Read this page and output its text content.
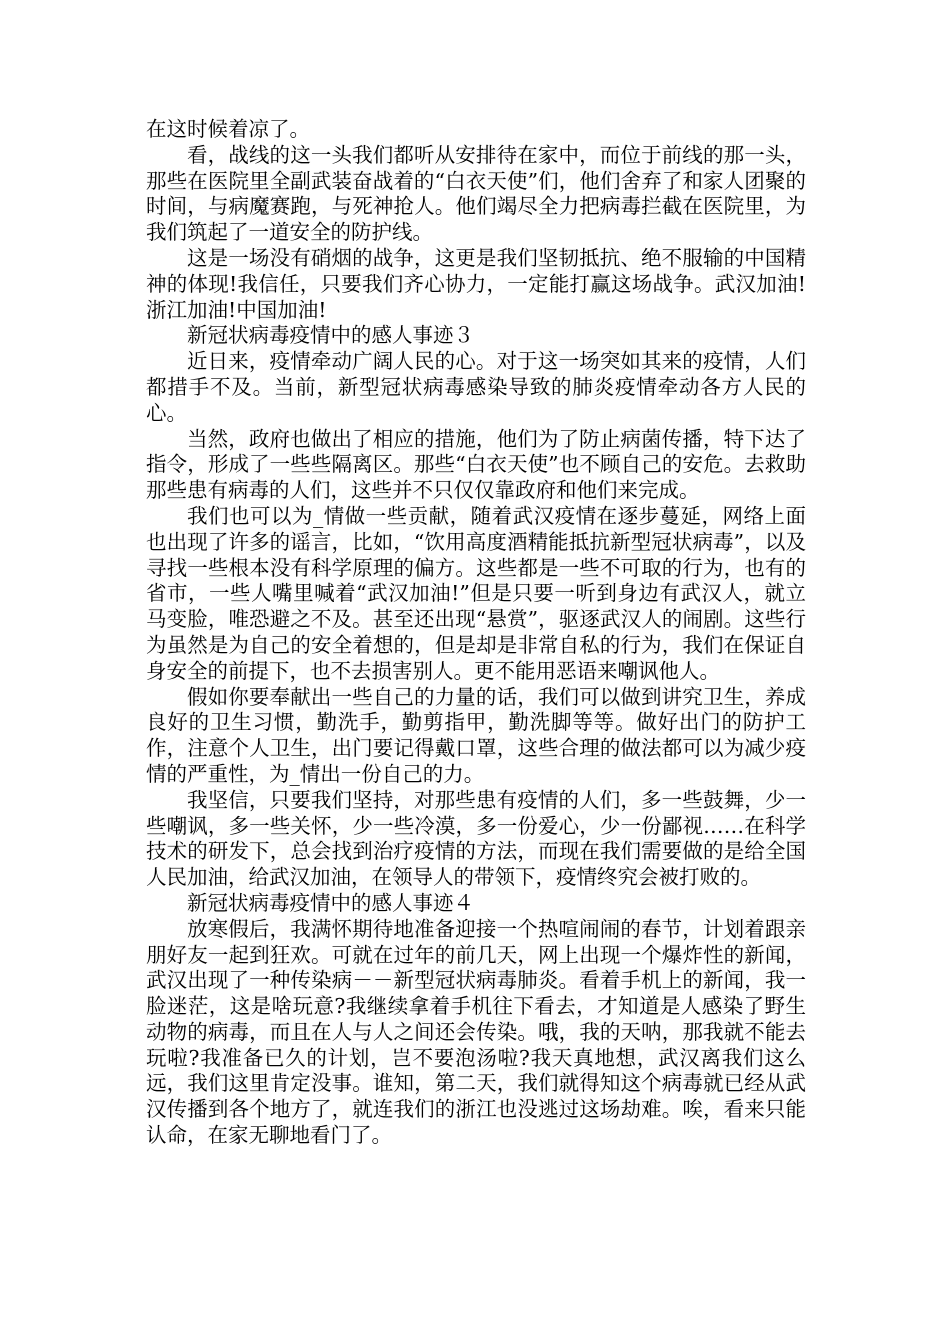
在这时候着凉了。

看，战线的这一头我们都听从安排待在家中，而位于前线的那一头，那些在医院里全副武装奋战着的“白衣天使”们，他们舍弃了和家人团聚的时间，与病魔赛跑，与死神抢人。他们竭尽全力把病毒拦截在医院里，为我们筑起了一道安全的防护线。

这是一场没有硝烟的战争，这更是我们坚韧抵抗、绝不服输的中国精神的体现!我信任，只要我们齐心协力，一定能打赢这场战争。武汉加油!浙江加油!中国加油!

新冠状病毒疫情中的感人事迹３

近日来，疫情牵动广阔人民的心。对于这一场突如其来的疫情，人们都措手不及。当前，新型冠状病毒感染导致的肺炎疫情牵动各方人民的心。

当然，政府也做出了相应的措施，他们为了防止病菌传播，特下达了指令，形成了一些些隔离区。那些“白衣天使”也不顾自己的安危。去救助那些患有病毒的人们，这些并不只仅仅靠政府和他们来完成。

我们也可以为_情做一些贡献，随着武汉疫情在逐步蔓延，网络上面也出现了许多的谣言，比如，“饮用高度酒精能抵抗新型冠状病毒”，以及寻找一些根本没有科学原理的偏方。这些都是一些不可取的行为，也有的省市，一些人嘴里喊着“武汉加油!”但是只要一听到身边有武汉人，就立马变脸，唯恐避之不及。甚至还出现“悬赏”，驱逐武汉人的闹剧。这些行为虽然是为自己的安全着想的，但是却是非常自私的行为，我们在保证自身安全的前提下，也不去损害别人。更不能用恶语来嘲讽他人。

假如你要奉献出一些自己的力量的话，我们可以做到讲究卫生，养成良好的卫生习惯，勤洗手，勤剪指甲，勤洗脚等等。做好出门的防护工作，注意个人卫生，出门要记得戴口罩，这些合理的做法都可以为减少疫情的严重性，为_情出一份自己的力。

我坚信，只要我们坚持，对那些患有疫情的人们，多一些鼓舞，少一些嘲讽，多一些关怀，少一些冷漠，多一份爱心，少一份鄙视……在科学技术的研发下，总会找到治疗疫情的方法，而现在我们需要做的是给全国人民加油，给武汉加油，在领导人的带领下，疫情终究会被打败的。

新冠状病毒疫情中的感人事迹４

放寒假后，我满怀期待地准备迎接一个热喧闹闹的春节，计划着跟亲朋好友一起到狂欢。可就在过年的前几天，网上出现一个爆炸性的新闻，武汉出现了一种传染病－－新型冠状病毒肺炎。看着手机上的新闻，我一脸迷茫，这是啥玩意?我继续拿着手机往下看去，才知道是人感染了野生动物的病毒，而且在人与人之间还会传染。哦，我的天呐，那我就不能去玩啦?我准备已久的计划，岂不要泡汤啦?我天真地想，武汉离我们这么远，我们这里肯定没事。谁知，第二天，我们就得知这个病毒就已经从武汉传播到各个地方了，就连我们的浙江也没逃过这场劫难。唉，看来只能认命，在家无聊地看门了。
